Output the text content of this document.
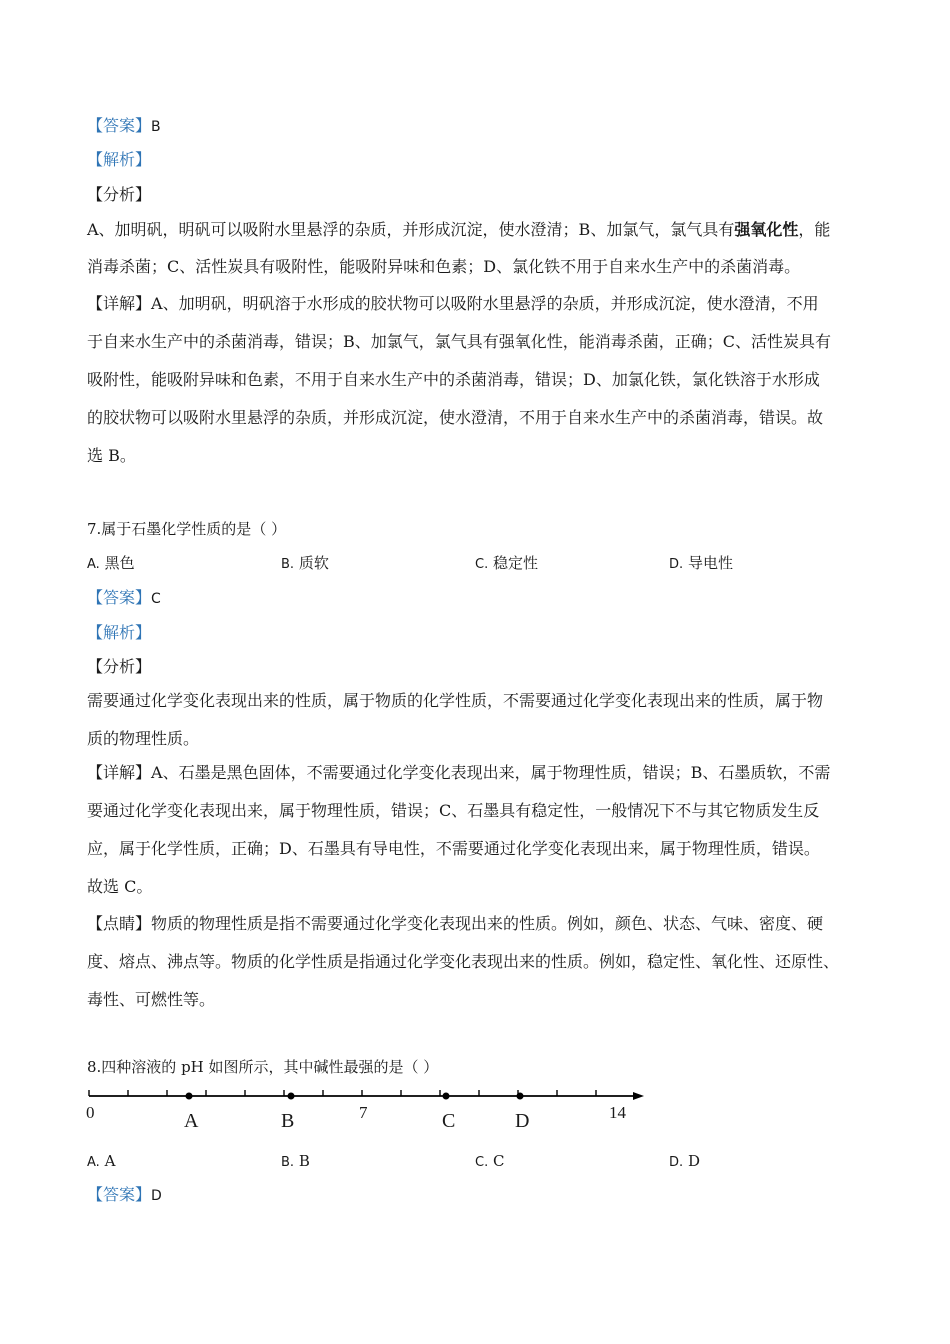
【答案】B
【解析】
【分析】
A、加明矾，明矾可以吸附水里悬浮的杂质，并形成沉淀，使水澄清；B、加氯气，氯气具有强氧化性，能
消毒杀菌；C、活性炭具有吸附性，能吸附异味和色素；D、氯化铁不用于自来水生产中的杀菌消毒。
【详解】A、加明矾，明矾溶于水形成的胶状物可以吸附水里悬浮的杂质，并形成沉淀，使水澄清，不用
于自来水生产中的杀菌消毒，错误；B、加氯气，氯气具有强氧化性，能消毒杀菌，正确；C、活性炭具有
吸附性，能吸附异味和色素，不用于自来水生产中的杀菌消毒，错误；D、加氯化铁，氯化铁溶于水形成
的胶状物可以吸附水里悬浮的杂质，并形成沉淀，使水澄清，不用于自来水生产中的杀菌消毒，错误。故
选 B。
7.属于石墨化学性质的是（ ）
A. 黑色	B. 质软	C. 稳定性	D. 导电性
【答案】C
【解析】
【分析】
需要通过化学变化表现出来的性质，属于物质的化学性质，不需要通过化学变化表现出来的性质，属于物
质的物理性质。
【详解】A、石墨是黑色固体，不需要通过化学变化表现出来，属于物理性质，错误；B、石墨质软，不需
要通过化学变化表现出来，属于物理性质，错误；C、石墨具有稳定性，一般情况下不与其它物质发生反
应，属于化学性质，正确；D、石墨具有导电性，不需要通过化学变化表现出来，属于物理性质，错误。
故选 C。
【点睛】物质的物理性质是指不需要通过化学变化表现出来的性质。例如，颜色、状态、气味、密度、硬
度、熔点、沸点等。物质的化学性质是指通过化学变化表现出来的性质。例如，稳定性、氧化性、还原性、
毒性、可燃性等。
8.四种溶液的 pH 如图所示，其中碱性最强的是（ ）
0	7	14
A	B	C	D
A. A	B. B	C. C	D. D
【答案】D
